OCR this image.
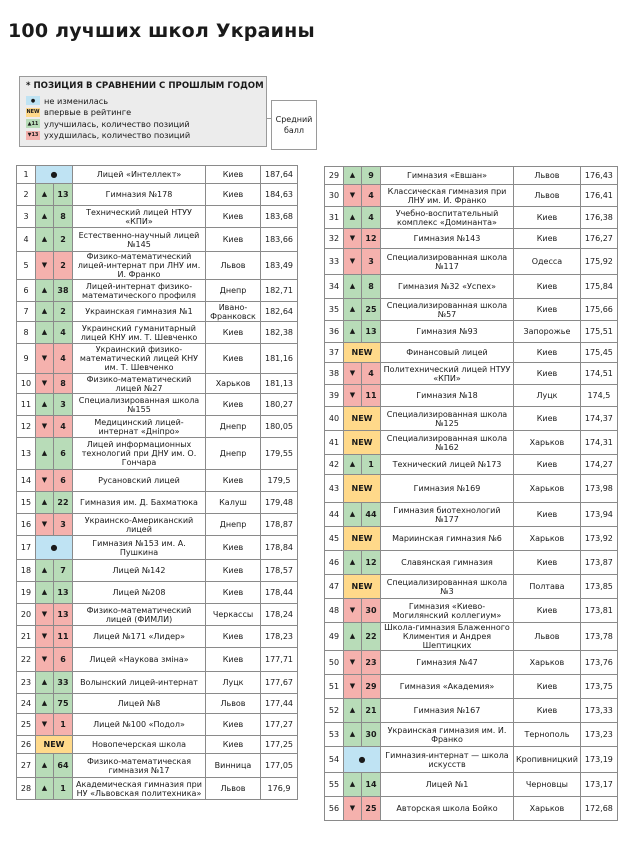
100 лучших школ Украины
* ПОЗИЦИЯ В СРАВНЕНИИ С ПРОШЛЫМ ГОДОМ
●	не изменилась
NEW впервые в рейтинге
▲11 улучшилась, количество позиций
▼13 ухудшилась, количество позиций
Средний
балл
1	●		Лицей «Интеллект»	Киев	187,64
2	▲	13	Гимназия №178	Киев	184,63
3	▲	8	Технический лицей НТУУ «КПИ»	Киев	183,68
4	▲	2	Естественно-научный лицей №145	Киев	183,66
5	▼	2	Физико-математический лицей-интернат при ЛНУ им. И. Франко	Львов	183,49
6	▲	38	Лицей-интернат физико-математического профиля	Днепр	182,71
7	▲	2	Украинская гимназия №1	Ивано-Франковск	182,64
8	▲	4	Украинский гуманитарный лицей КНУ им. Т. Шевченко	Киев	182,38
9	▼	4	Украинский физико-математический лицей КНУ им. Т. Шевченко	Киев	181,16
10	▼	8	Физико-математический лицей №27	Харьков	181,13
11	▲	3	Специализированная школа №155	Киев	180,27
12	▼	4	Медицинский лицей-интернат «Дніпро»	Днепр	180,05
13	▲	6	Лицей информационных технологий при ДНУ им. О. Гончара	Днепр	179,55
14	▼	6	Русановский лицей	Киев	179,5
15	▲	22	Гимназия им. Д. Бахматюка	Калуш	179,48
16	▼	3	Украинско-Американский лицей	Днепр	178,87
17	●		Гимназия №153 им. А. Пушкина	Киев	178,84
18	▲	7	Лицей №142	Киев	178,57
19	▲	13	Лицей №208	Киев	178,44
20	▼	13	Физико-математический лицей (ФИМЛИ)	Черкассы	178,24
21	▼	11	Лицей №171 «Лидер»	Киев	178,23
22	▼	6	Лицей «Наукова зміна»	Киев	177,71
23	▲	33	Волынский лицей-интернат	Луцк	177,67
24	▲	75	Лицей №8	Львов	177,44
25	▼	1	Лицей №100 «Подол»	Киев	177,27
26	NEW		Новопечерская школа	Киев	177,25
27	▲	64	Физико-математическая гимназия №17	Винница	177,05
28	▲	1	Академическая гимназия при НУ «Львовская политехника»	Львов	176,9
29	▲	9	Гимназия «Евшан»	Львов	176,43
30	▼	4	Классическая гимназия при ЛНУ им. И. Франко	Львов	176,41
31	▲	4	Учебно-воспитательный комплекс «Доминанта»	Киев	176,38
32	▼	12	Гимназия №143	Киев	176,27
33	▼	3	Специализированная школа №117	Одесса	175,92
34	▲	8	Гимназия №32 «Успех»	Киев	175,84
35	▲	25	Специализированная школа №57	Киев	175,66
36	▲	13	Гимназия №93	Запорожье	175,51
37	NEW		Финансовый лицей	Киев	175,45
38	▼	4	Политехнический лицей НТУУ «КПИ»	Киев	174,51
39	▼	11	Гимназия №18	Луцк	174,5
40	NEW		Специализированная школа №125	Киев	174,37
41	NEW		Специализированная школа №162	Харьков	174,31
42	▲	1	Технический лицей №173	Киев	174,27
43	NEW		Гимназия №169	Харьков	173,98
44	▲	44	Гимназия биотехнологий №177	Киев	173,94
45	NEW		Мариинская гимназия №6	Харьков	173,92
46	▲	12	Славянская гимназия	Киев	173,87
47	NEW		Специализированная школа №3	Полтава	173,85
48	▼	30	Гимназия «Киево-Могилянский коллегиум»	Киев	173,81
49	▲	22	Школа-гимназия Блаженного Климентия и Андрея Шептицких	Львов	173,78
50	▼	23	Гимназия №47	Харьков	173,76
51	▼	29	Гимназия «Академия»	Киев	173,75
52	▲	21	Гимназия №167	Киев	173,33
53	▲	30	Украинская гимназия им. И. Франко	Тернополь	173,23
54	●		Гимназия-интернат — школа искусств	Кропивницкий	173,19
55	▲	14	Лицей №1	Черновцы	173,17
56	▼	25	Авторская школа Бойко	Харьков	172,68
